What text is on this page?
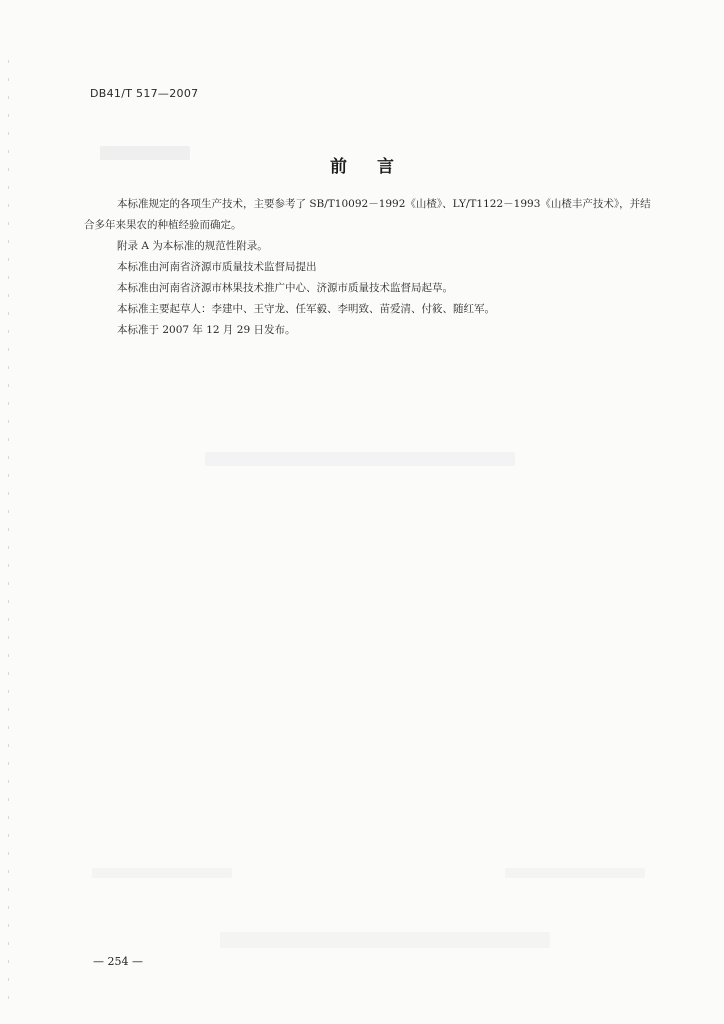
DB41/T 517—2007
前言

本标准规定的各项生产技术，主要参考了 SB/T10092－1992《山楂》、LY/T1122－1993《山楂丰产技术》，并结合多年来果农的种植经验而确定。

附录 A 为本标准的规范性附录。

本标准由河南省济源市质量技术监督局提出

本标准由河南省济源市林果技术推广中心、济源市质量技术监督局起草。

本标准主要起草人：李建中、王守龙、任军毅、李明致、苗爱清、付筱、随红军。

本标准于 2007 年 12 月 29 日发布。

— 254 —
